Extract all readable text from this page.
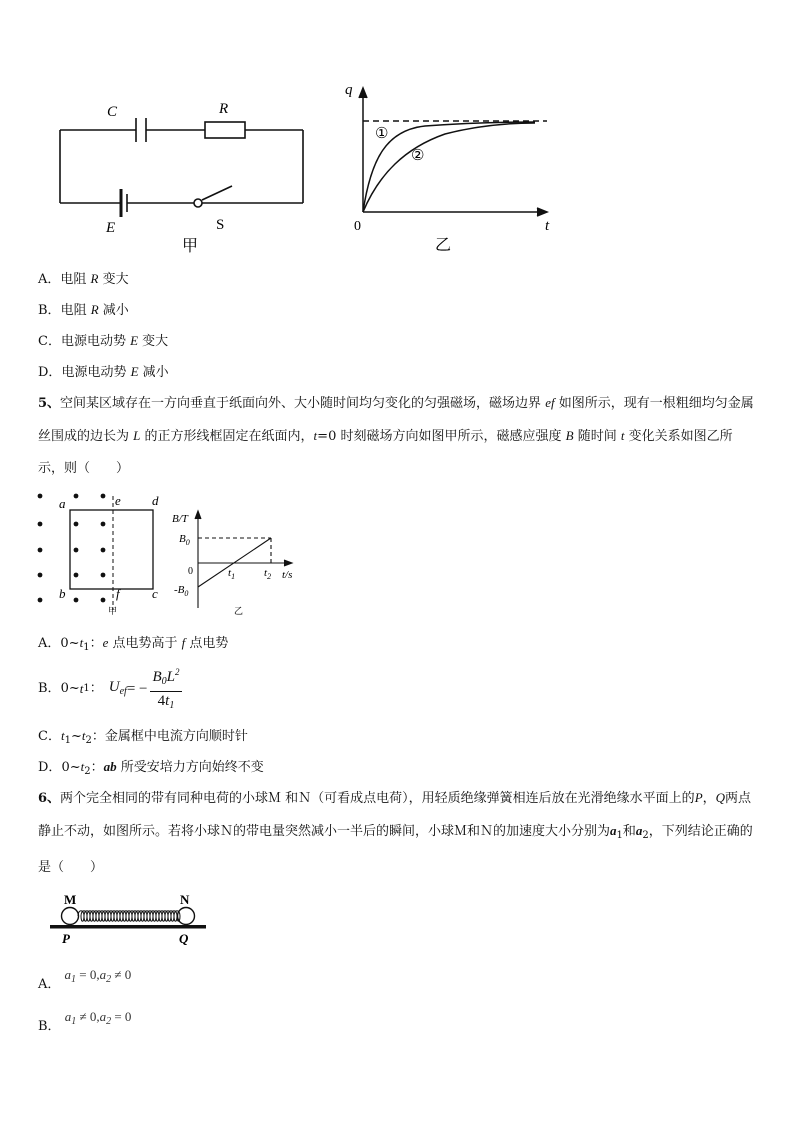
C	R
E	S
甲
q
t
0
①
②
乙
A．电阻 R 变大
B．电阻 R 减小
C．电源电动势 E 变大
D．电源电动势 E 减小
5、空间某区域存在一方向垂直于纸面向外、大小随时间均匀变化的匀强磁场，磁场边界 ef 如图所示，现有一根粗细均匀金属丝围成的边长为 L 的正方形线框固定在纸面内，t=0 时刻磁场方向如图甲所示，磁感应强度 B 随时间 t 变化关系如图乙所示，则（　　）
a	e d
b	f c
甲
B/T
t/s
$B_0$
0
$-B_0$
$t_1$	$t_2$
乙
A．$0\sim t_1$：e 点电势高于 f 点电势
B． 0~ t 1 ： $U_{ef}$ = − $\frac{B_0L^2}{4t_1}$
C．$t_1\sim t_2$：金属框中电流方向顺时针
D．$0\sim t_2$：ab 所受安培力方向始终不变
6、两个完全相同的带有同种电荷的小球Ｍ 和Ｎ（可看成点电荷），用轻质绝缘弹簧相连后放在光滑绝缘水平面上的P，Q两点静止不动，如图所示。若将小球Ｎ的带电量突然减小一半后的瞬间，小球Ｍ和Ｎ的加速度大小分别为$a_1$和$a_2$，下列结论正确的是（　　）
M	N
P	Q
A． $a_1 = 0,a_2 \ne 0$
B． $a_1 \ne 0,a_2 = 0$
